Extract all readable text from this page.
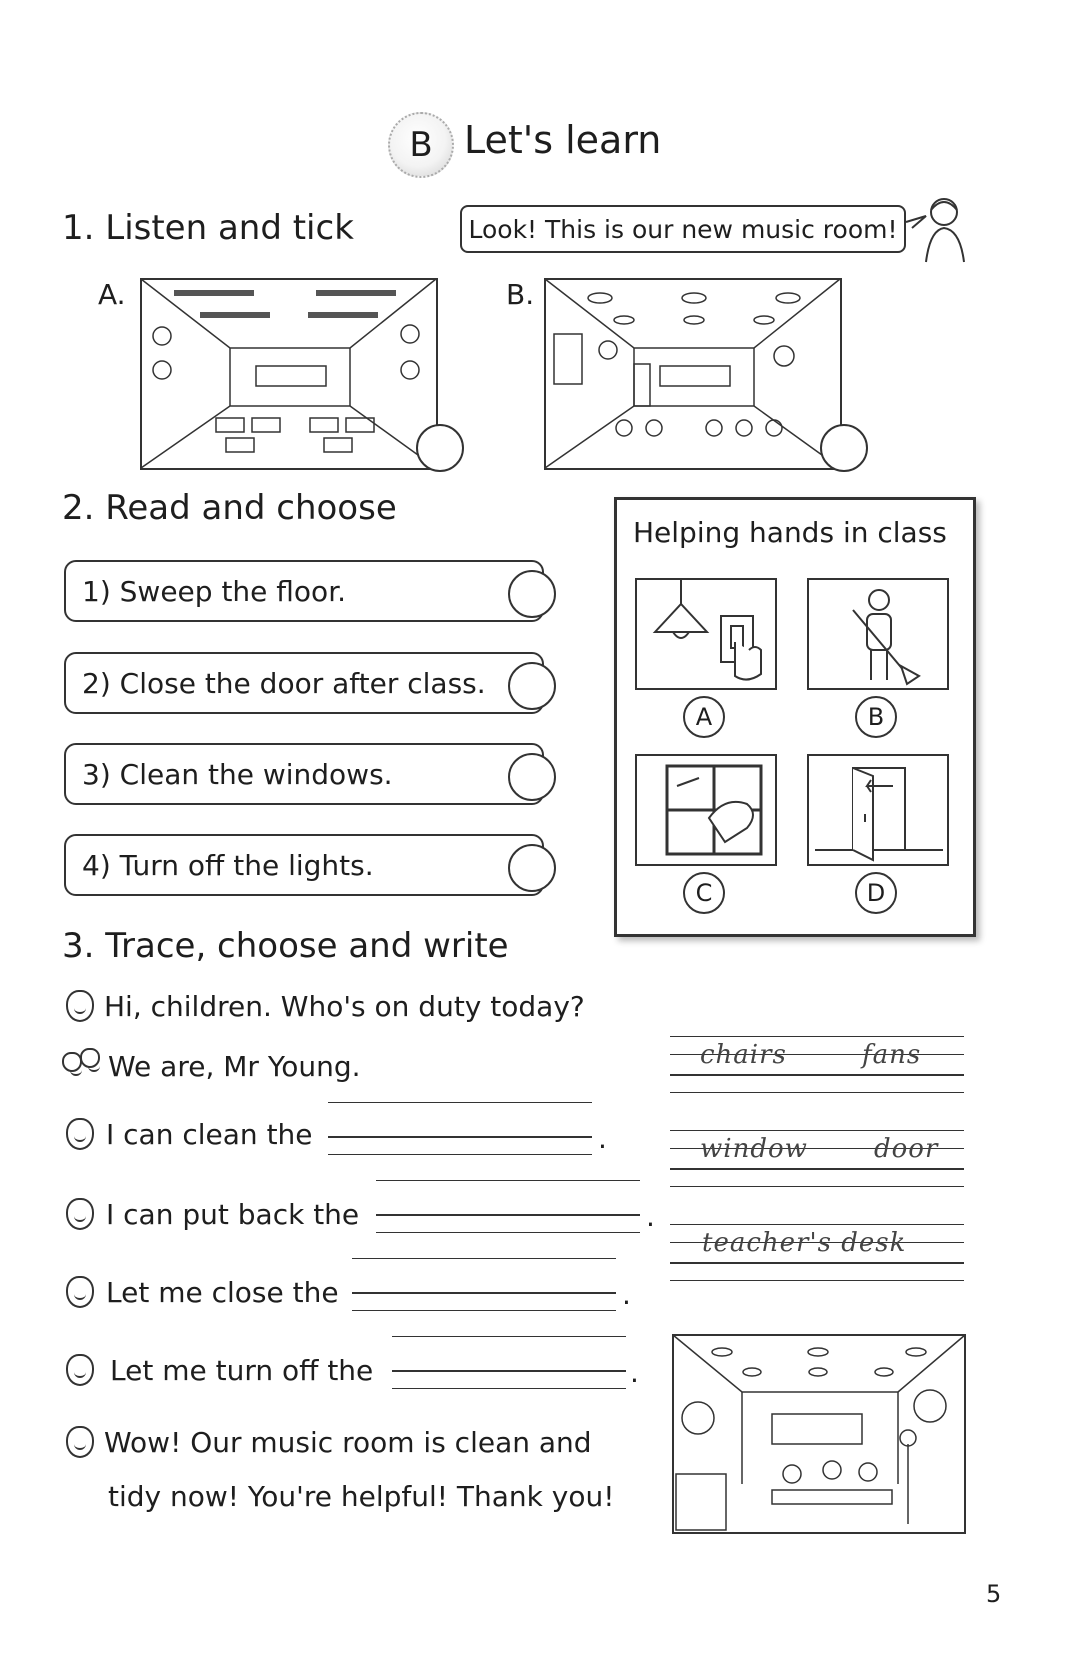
B Let's learn
1. Listen and tick	Look! This is our new music room!
A.	B.
2. Read and choose
1) Sweep the floor.
2) Close the door after class.
3) Clean the windows.
4) Turn off the lights.
Helping hands in class
A	B
C	D
3. Trace, choose and write
Hi, children. Who's on duty today?
We are, Mr Young.
I can clean the	.
I can put back the	.
Let me close the	.
Let me turn off the	.
Wow! Our music room is clean and
tidy now! You're helpful! Thank you!
chairs	fans
window	door
teacher's desk
5
